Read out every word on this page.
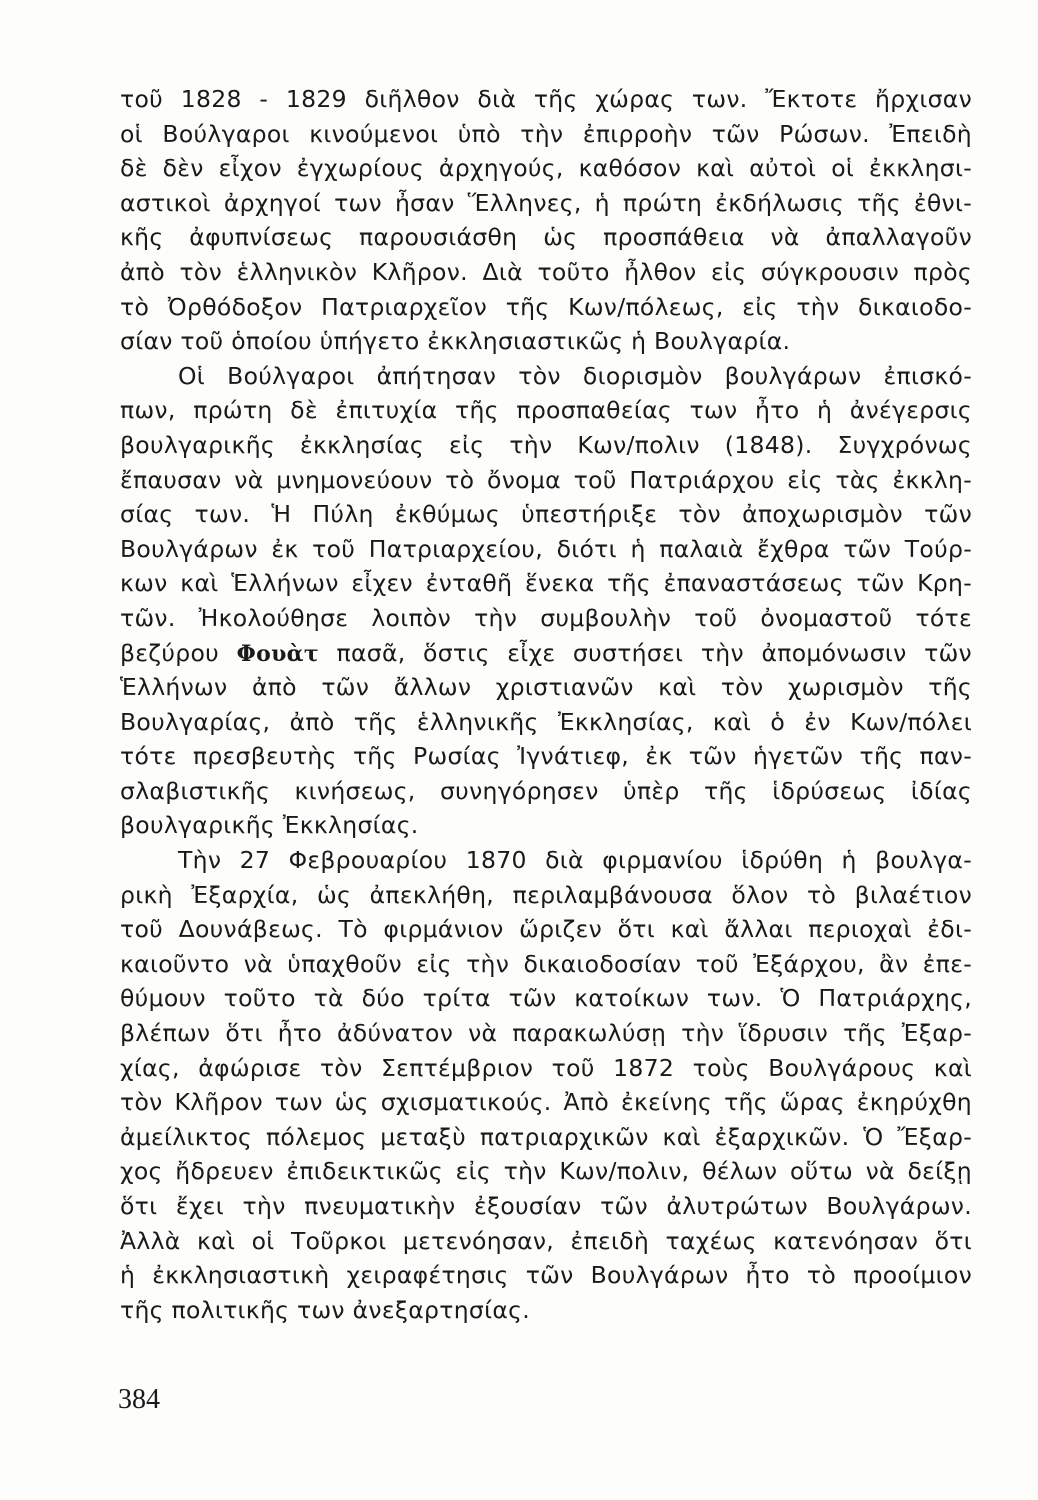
τοῦ 1828 - 1829 διῆλθον διὰ τῆς χώρας των. Ἔκτοτε ἤρχισαν
οἱ Βούλγαροι κινούμενοι ὑπὸ τὴν ἐπιρροὴν τῶν Ρώσων. Ἐπειδὴ
δὲ δὲν εἶχον ἐγχωρίους ἀρχηγούς, καθόσον καὶ αὐτοὶ οἱ ἐκκλησι-
αστικοὶ ἀρχηγοί των ἦσαν Ἕλληνες, ἡ πρώτη ἐκδήλωσις τῆς ἐθνι-
κῆς ἀφυπνίσεως παρουσιάσθη ὡς προσπάθεια νὰ ἀπαλλαγοῦν
ἀπὸ τὸν ἑλληνικὸν Κλῆρον. Διὰ τοῦτο ἦλθον εἰς σύγκρουσιν πρὸς
τὸ Ὀρθόδοξον Πατριαρχεῖον τῆς Κων/πόλεως, εἰς τὴν δικαιοδο-
σίαν τοῦ ὁποίου ὑπήγετο ἐκκλησιαστικῶς ἡ Βουλγαρία.
Οἱ Βούλγαροι ἀπήτησαν τὸν διορισμὸν βουλγάρων ἐπισκό-
πων, πρώτη δὲ ἐπιτυχία τῆς προσπαθείας των ἦτο ἡ ἀνέγερσις
βουλγαρικῆς ἐκκλησίας εἰς τὴν Κων/πολιν (1848). Συγχρόνως
ἔπαυσαν νὰ μνημονεύουν τὸ ὄνομα τοῦ Πατριάρχου εἰς τὰς ἐκκλη-
σίας των. Ἡ Πύλη ἐκθύμως ὑπεστήριξε τὸν ἀποχωρισμὸν τῶν
Βουλγάρων ἐκ τοῦ Πατριαρχείου, διότι ἡ παλαιὰ ἔχθρα τῶν Τούρ-
κων καὶ Ἑλλήνων εἶχεν ἐνταθῆ ἕνεκα τῆς ἐπαναστάσεως τῶν Κρη-
τῶν. Ἠκολούθησε λοιπὸν τὴν συμβουλὴν τοῦ ὀνομαστοῦ τότε
βεζύρου Φουὰτ πασᾶ, ὅστις εἶχε συστήσει τὴν ἀπομόνωσιν τῶν
Ἑλλήνων ἀπὸ τῶν ἄλλων χριστιανῶν καὶ τὸν χωρισμὸν τῆς
Βουλγαρίας, ἀπὸ τῆς ἑλληνικῆς Ἐκκλησίας, καὶ ὁ ἐν Κων/πόλει
τότε πρεσβευτὴς τῆς Ρωσίας Ἰγνάτιεφ, ἐκ τῶν ἡγετῶν τῆς παν-
σλαβιστικῆς κινήσεως, συνηγόρησεν ὑπὲρ τῆς ἱδρύσεως ἰδίας
βουλγαρικῆς Ἐκκλησίας.
Τὴν 27 Φεβρουαρίου 1870 διὰ φιρμανίου ἱδρύθη ἡ βουλγα-
ρικὴ Ἐξαρχία, ὡς ἀπεκλήθη, περιλαμβάνουσα ὅλον τὸ βιλαέτιον
τοῦ Δουνάβεως. Τὸ φιρμάνιον ὥριζεν ὅτι καὶ ἄλλαι περιοχαὶ ἐδι-
καιοῦντο νὰ ὑπαχθοῦν εἰς τὴν δικαιοδοσίαν τοῦ Ἐξάρχου, ἂν ἐπε-
θύμουν τοῦτο τὰ δύο τρίτα τῶν κατοίκων των. Ὁ Πατριάρχης,
βλέπων ὅτι ἦτο ἀδύνατον νὰ παρακωλύσῃ τὴν ἵδρυσιν τῆς Ἐξαρ-
χίας, ἀφώρισε τὸν Σεπτέμβριον τοῦ 1872 τοὺς Βουλγάρους καὶ
τὸν Κλῆρον των ὡς σχισματικούς. Ἀπὸ ἐκείνης τῆς ὥρας ἐκηρύχθη
ἀμείλικτος πόλεμος μεταξὺ πατριαρχικῶν καὶ ἐξαρχικῶν. Ὁ Ἔξαρ-
χος ἤδρευεν ἐπιδεικτικῶς εἰς τὴν Κων/πολιν, θέλων οὕτω νὰ δείξῃ
ὅτι ἔχει τὴν πνευματικὴν ἐξουσίαν τῶν ἀλυτρώτων Βουλγάρων.
Ἀλλὰ καὶ οἱ Τοῦρκοι μετενόησαν, ἐπειδὴ ταχέως κατενόησαν ὅτι
ἡ ἐκκλησιαστικὴ χειραφέτησις τῶν Βουλγάρων ἦτο τὸ προοίμιον
τῆς πολιτικῆς των ἀνεξαρτησίας.
384
